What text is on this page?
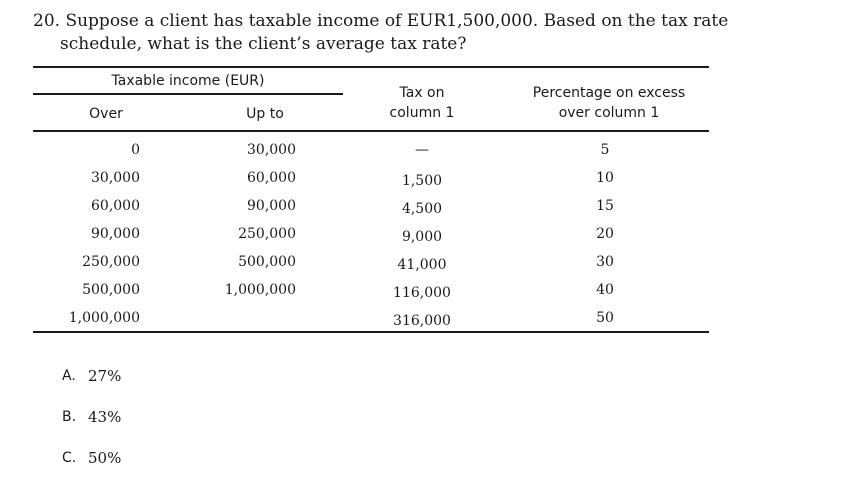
20. Suppose a client has taxable income of EUR1,500,000. Based on the tax rate
schedule, what is the client’s average tax rate?

Taxable income (EUR)
Over	Up to
Tax on
column 1
Percentage on excess
over column 1
0
30,000
60,000
90,000
250,000
500,000
1,000,000
30,000
60,000
90,000
250,000
500,000
1,000,000
—
1,500
4,500
9,000
41,000
116,000
316,000
5
10
15
20
30
40
50
A. 27%
B. 43%
C. 50%
